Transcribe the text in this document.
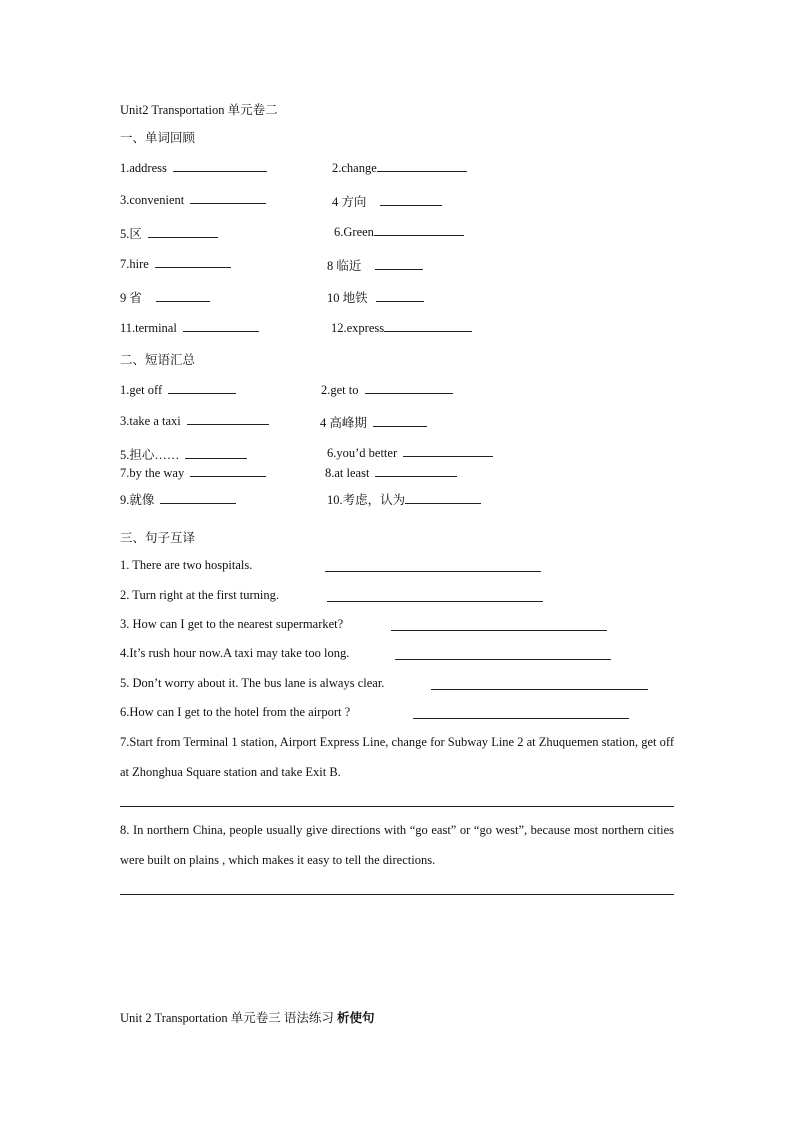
Unit2 Transportation 单元卷二
一、单词回顾
1.address	2.change
3.convenient	4 方向
5.区	6.Green
7.hire	8 临近
9 省	10 地铁
11.terminal	12.express
二、短语汇总
1.get off	2.get to
3.take a taxi	4 高峰期
5.担心……	6.you’d better
7.by the way	8.at least
9.就像	10.考虑，认为
三、句子互译
1. There are two hospitals.
2. Turn right at the first turning.
3. How can I get to the nearest supermarket?
4.It’s rush hour now.A taxi may take too long.
5. Don’t worry about it. The bus lane is always clear.
6.How can I get to the hotel from the airport ?
7.Start from Terminal 1 station, Airport Express Line, change for Subway Line 2 at Zhuquemen station, get off at Zhonghua Square station and take Exit B.
8. In northern China, people usually give directions with “go east” or “go west”, because most northern cities were built on plains , which makes it easy to tell the directions.
Unit 2 Transportation 单元卷三 语法练习 析使句
